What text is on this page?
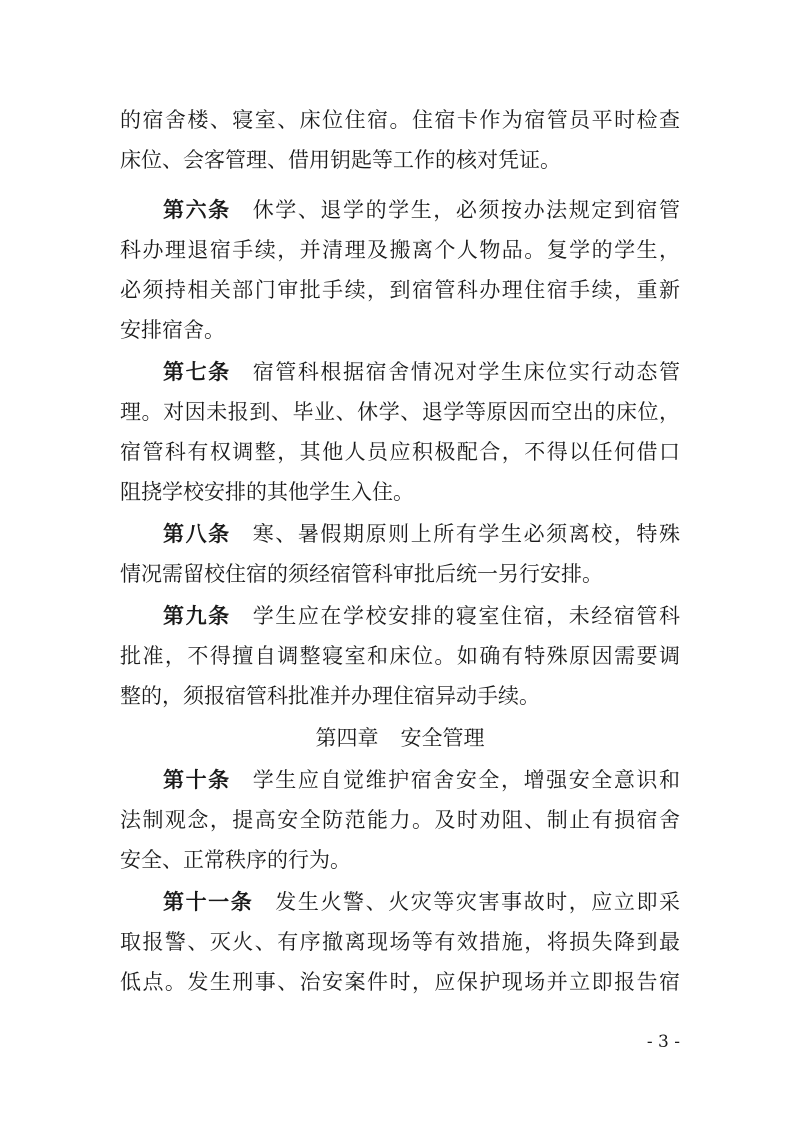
的宿舍楼、寝室、床位住宿。住宿卡作为宿管员平时检查
床位、会客管理、借用钥匙等工作的核对凭证。
第六条 休学、退学的学生，必须按办法规定到宿管
科办理退宿手续，并清理及搬离个人物品。复学的学生，
必须持相关部门审批手续，到宿管科办理住宿手续，重新
安排宿舍。
第七条 宿管科根据宿舍情况对学生床位实行动态管
理。对因未报到、毕业、休学、退学等原因而空出的床位，
宿管科有权调整，其他人员应积极配合，不得以任何借口
阻挠学校安排的其他学生入住。
第八条 寒、暑假期原则上所有学生必须离校，特殊
情况需留校住宿的须经宿管科审批后统一另行安排。
第九条 学生应在学校安排的寝室住宿，未经宿管科
批准，不得擅自调整寝室和床位。如确有特殊原因需要调
整的，须报宿管科批准并办理住宿异动手续。
第四章 安全管理
第十条 学生应自觉维护宿舍安全，增强安全意识和
法制观念，提高安全防范能力。及时劝阻、制止有损宿舍
安全、正常秩序的行为。
第十一条 发生火警、火灾等灾害事故时，应立即采
取报警、灭火、有序撤离现场等有效措施，将损失降到最
低点。发生刑事、治安案件时，应保护现场并立即报告宿
- 3 -
